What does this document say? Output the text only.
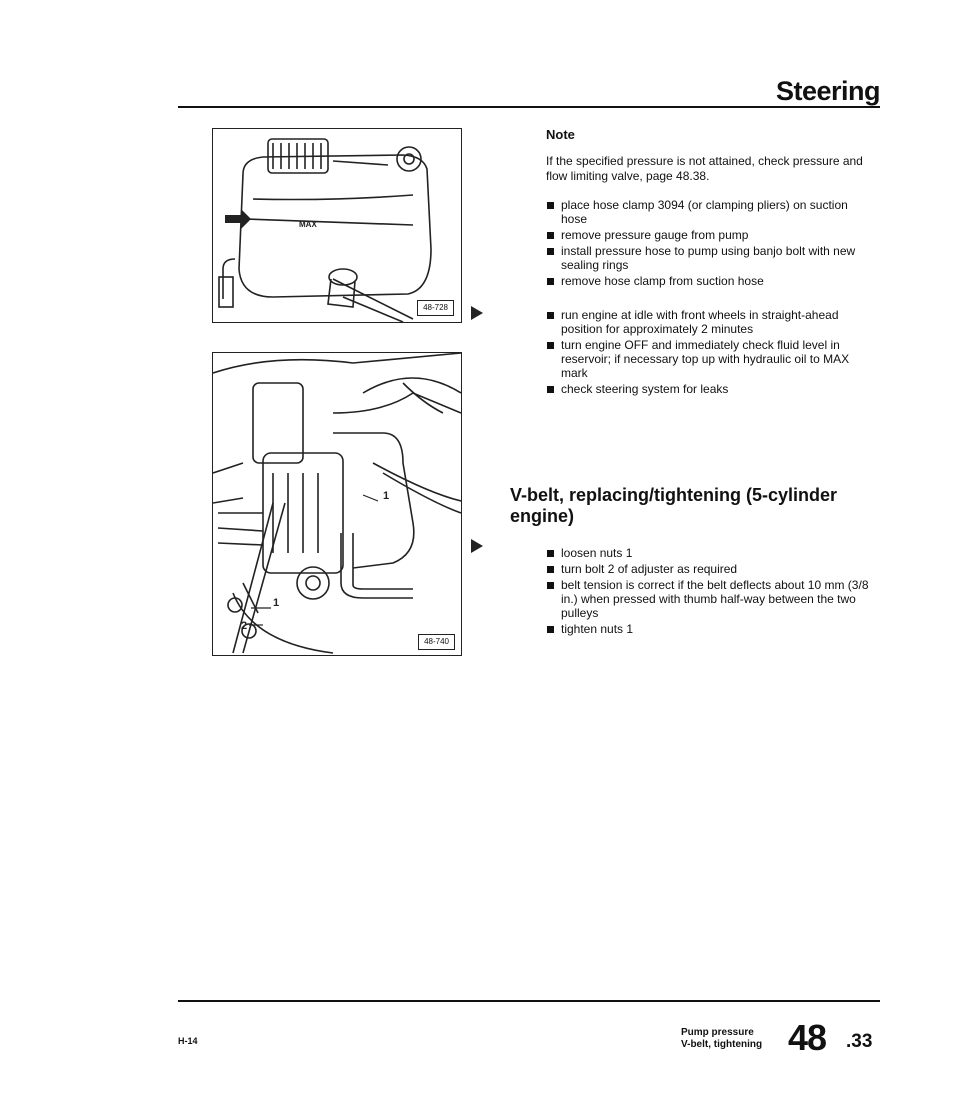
Steering
MAX
48-728
1
1
2
48-740
Note
If the specified pressure is not attained, check pressure and flow limiting valve, page 48.38.
place hose clamp 3094 (or clamping pliers) on suction hose
remove pressure gauge from pump
install pressure hose to pump using banjo bolt with new sealing rings
remove hose clamp from suction hose
run engine at idle with front wheels in straight-ahead position for approximately 2 minutes
turn engine OFF and immediately check fluid level in reservoir; if necessary top up with hydraulic oil to MAX mark
check steering system for leaks
V-belt, replacing/tightening (5-cylinder engine)
loosen nuts 1
turn bolt 2 of adjuster as required
belt tension is correct if the belt deflects about 10 mm (3/8 in.) when pressed with thumb half-way between the two pulleys
tighten nuts 1
H-14
Pump pressure
V-belt, tightening 48 .33
